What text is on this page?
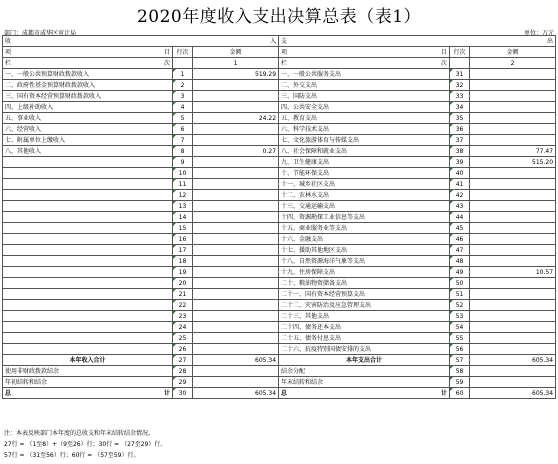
2020年度收入支出决算总表（表1）
部门：成都市成华区审计局	单位：万元
收 入			支 出		

项 目	行次	金额	项 目	行次	金额

栏 次		1	栏 次		2
一、一般公共预算财政拨款收入	1	519.29	一、一般公共服务支出	31	
二、政府性基金预算财政拨款收入	2		二、外交支出	32	
三、国有资本经营预算财政拨款收入	3		三、国防支出	33	
四、上级补助收入	4		四、公共安全支出	34	
五、事业收入	5	24.22	五、教育支出	35	
六、经营收入	6		六、科学技术支出	36	
七、附属单位上缴收入	7		七、文化旅游体育与传媒支出	37	
八、其他收入	8	0.27	八、社会保障和就业支出	38	77.47
	9		九、卫生健康支出	39	515.20
	10		十、节能环保支出	40	
	11		十一、城乡社区支出	41	
	12		十二、农林水支出	42	
	13		十三、交通运输支出	43	
	14		十四、资源勘探工业信息等支出	44	
	15		十五、商业服务业等支出	45	
	16		十六、金融支出	46	
	17		十七、援助其他地区支出	47	
	18		十八、自然资源海洋气象等支出	48	
	19		十九、住房保障支出	49	10.57
	20		二十、粮油物资储备支出	50	
	21		二十一、国有资本经营预算支出	51	
	22		二十二、灾害防治及应急管理支出	52	
	23		二十三、其他支出	53	
	24		二十四、债务还本支出	54	
	25		二十五、债务付息支出	55	
	26		二十六、抗疫特别国债安排的支出	56	
本年收入合计	27	605.34	本年支出合计	57	605.34
使用非财政拨款结余	28		结余分配	58	
年初结转和结余	29		年末结转和结余	59	

总 计	30	605.34	总 计	60	605.34
注：本表反映部门本年度的总收支和年末结转结余情况。
27行 = （1至8）+（9至26）行；30行 = （27至29）行。
57行 = （31至56）行；60行 = （57至59）行。
